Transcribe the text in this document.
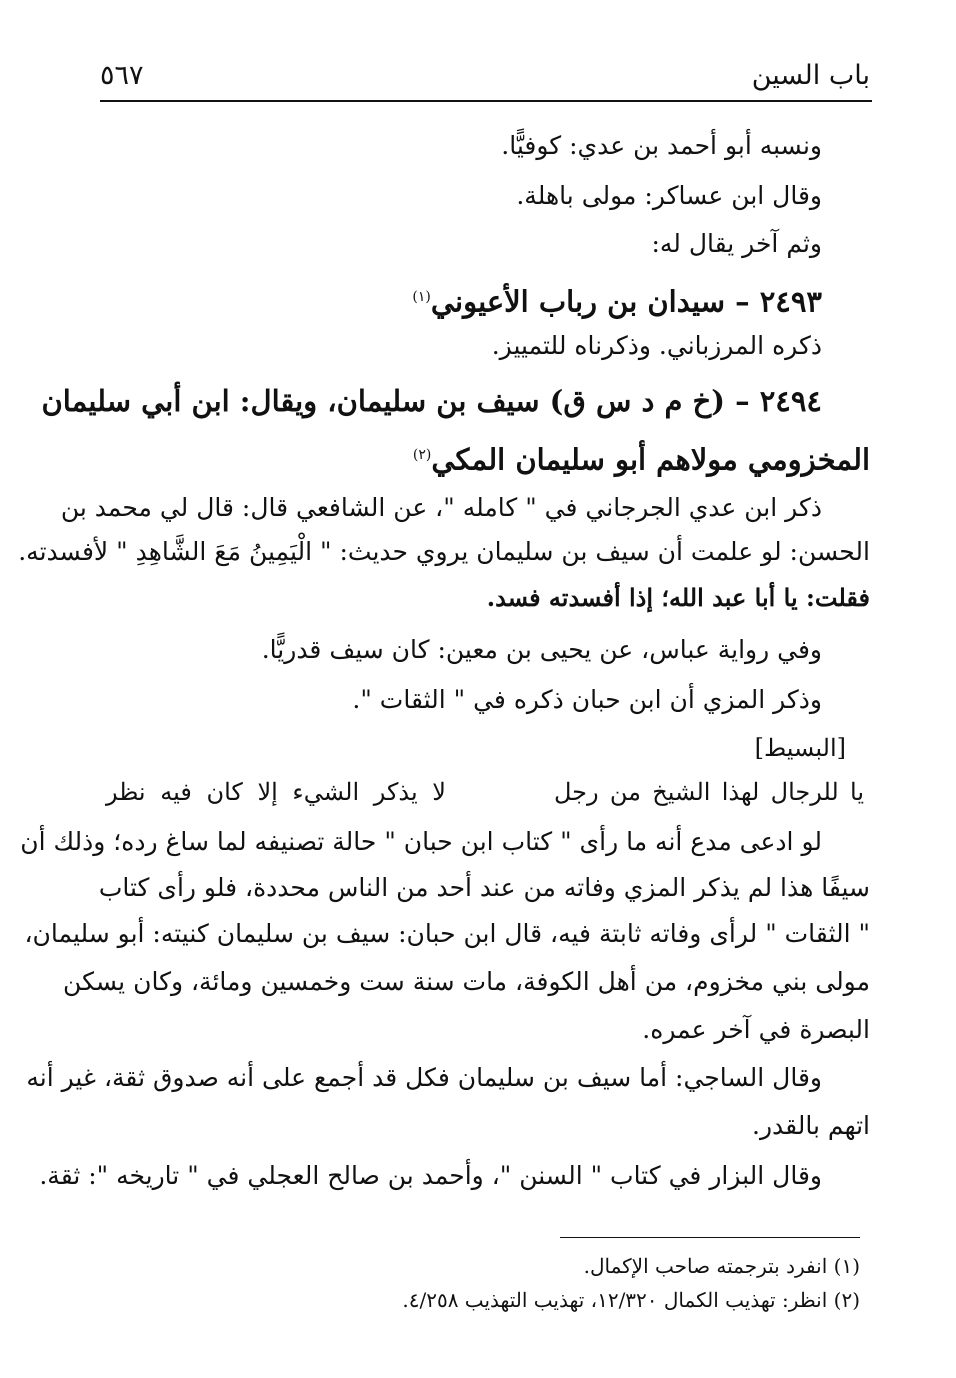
باب السين
٥٦٧
ونسبه أبو أحمد بن عدي: كوفيًّا.
وقال ابن عساكر: مولى باهلة.
وثم آخر يقال له:
٢٤٩٣ – سيدان بن رباب الأعيوني$^{(١)}$
ذكره المرزباني. وذكرناه للتمييز.
٢٤٩٤ – (خ م د س ق) سيف بن سليمان، ويقال: ابن أبي سليمان
المخزومي مولاهم أبو سليمان المكي$^{(٢)}$
ذكر ابن عدي الجرجاني في " كامله "، عن الشافعي قال: قال لي محمد بن
الحسن: لو علمت أن سيف بن سليمان يروي حديث: " الْيَمِينُ مَعَ الشَّاهِدِ " لأفسدته.
فقلت: يا أبا عبد الله؛ إذا أفسدته فسد.
وفي رواية عباس، عن يحيى بن معين: كان سيف قدريًّا.
وذكر المزي أن ابن حبان ذكره في " الثقات ".
[البسيط]
يا للرجال لهذا الشيخ من رجل
لا يذكر الشيء إلا كان فيه نظر
لو ادعى مدع أنه ما رأى " كتاب ابن حبان " حالة تصنيفه لما ساغ رده؛ وذلك أن
سيفًا هذا لم يذكر المزي وفاته من عند أحد من الناس محددة، فلو رأى كتاب
" الثقات " لرأى وفاته ثابتة فيه، قال ابن حبان: سيف بن سليمان كنيته: أبو سليمان،
مولى بني مخزوم، من أهل الكوفة، مات سنة ست وخمسين ومائة، وكان يسكن
البصرة في آخر عمره.
وقال الساجي: أما سيف بن سليمان فكل قد أجمع على أنه صدوق ثقة، غير أنه
اتهم بالقدر.
وقال البزار في كتاب " السنن "، وأحمد بن صالح العجلي في " تاريخه ": ثقة.
(١) انفرد بترجمته صاحب الإكمال.
(٢) انظر: تهذيب الكمال ١٢/٣٢٠، تهذيب التهذيب ٤/٢٥٨.
